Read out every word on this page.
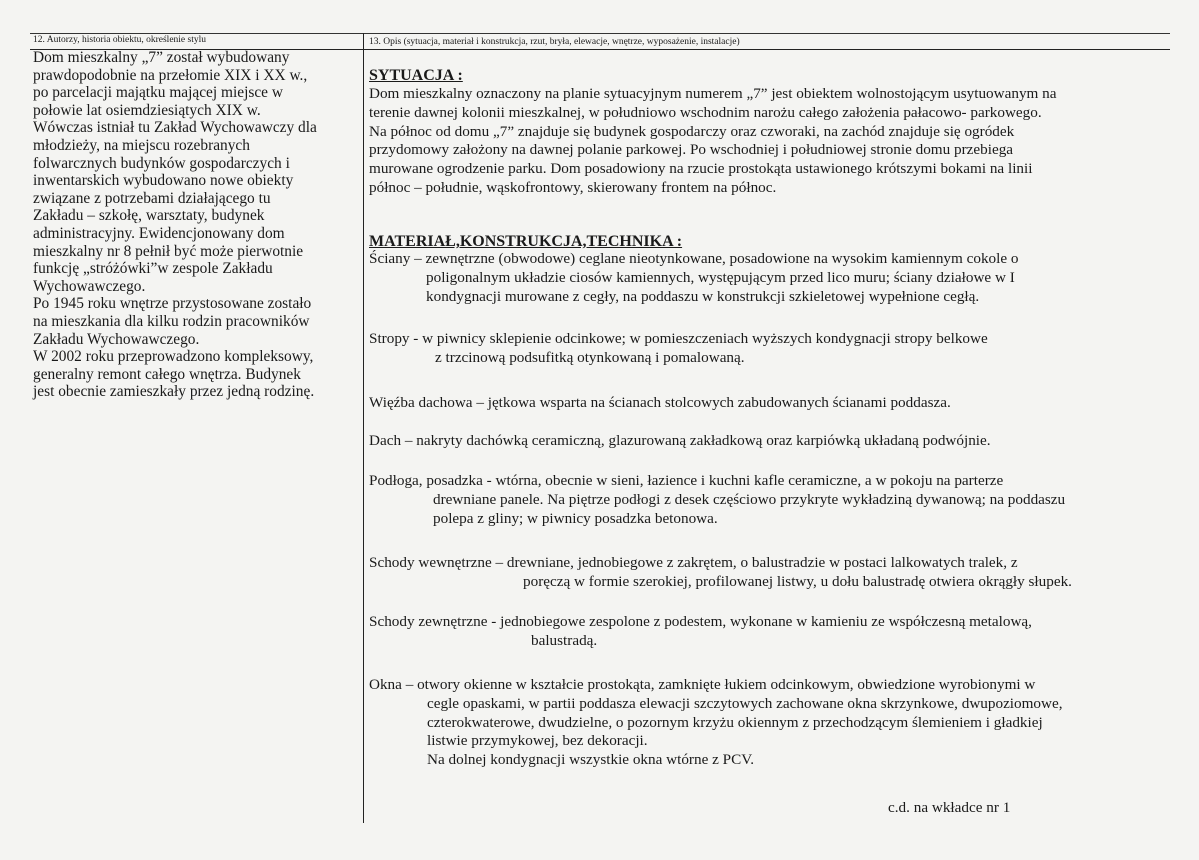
12. Autorzy, historia obiektu, określenie stylu	13. Opis (sytuacja, materiał i konstrukcja, rzut, bryła, elewacje, wnętrze, wyposażenie, instalacje)

Dom mieszkalny „7” został wybudowany
prawdopodobnie na przełomie XIX i XX w.,
po parcelacji majątku mającej miejsce w
połowie lat osiemdziesiątych XIX w.
Wówczas istniał tu Zakład Wychowawczy dla
młodzieży, na miejscu rozebranych
folwarcznych budynków gospodarczych i
inwentarskich wybudowano nowe obiekty
związane z potrzebami działającego tu
Zakładu – szkołę, warsztaty, budynek
administracyjny. Ewidencjonowany dom
mieszkalny nr 8 pełnił być może pierwotnie
funkcję „stróżówki”w zespole Zakładu
Wychowawczego.

Po 1945 roku wnętrze przystosowane zostało
na mieszkania dla kilku rodzin pracowników
Zakładu Wychowawczego.

W 2002 roku przeprowadzono kompleksowy,
generalny remont całego wnętrza. Budynek
jest obecnie zamieszkały przez jedną rodzinę.

SYTUACJA :

Dom mieszkalny oznaczony na planie sytuacyjnym numerem „7” jest obiektem wolnostojącym usytuowanym na
terenie dawnej kolonii mieszkalnej, w południowo wschodnim narożu całego założenia pałacowo- parkowego.
Na północ od domu „7” znajduje się budynek gospodarczy oraz czworaki, na zachód znajduje się ogródek
przydomowy założony na dawnej polanie parkowej. Po wschodniej i południowej stronie domu przebiega
murowane ogrodzenie parku. Dom posadowiony na rzucie prostokąta ustawionego krótszymi bokami na linii
północ – południe, wąskofrontowy, skierowany frontem na północ.

MATERIAŁ,KONSTRUKCJA,TECHNIKA :

Ściany – zewnętrzne (obwodowe) ceglane nieotynkowane, posadowione na wysokim kamiennym cokole o
poligonalnym układzie ciosów kamiennych, występującym przed lico muru; ściany działowe w I
kondygnacji murowane z cegły, na poddaszu w konstrukcji szkieletowej wypełnione cegłą.
Stropy - w piwnicy sklepienie odcinkowe; w pomieszczeniach wyższych kondygnacji stropy belkowe
z trzcinową podsufitką otynkowaną i pomalowaną.
Więźba dachowa – jętkowa wsparta na ścianach stolcowych zabudowanych ścianami poddasza.
Dach – nakryty dachówką ceramiczną, glazurowaną zakładkową oraz karpiówką układaną podwójnie.
Podłoga, posadzka - wtórna, obecnie w sieni, łazience i kuchni kafle ceramiczne, a w pokoju na parterze
drewniane panele. Na piętrze podłogi z desek częściowo przykryte wykładziną dywanową; na poddaszu
polepa z gliny; w piwnicy posadzka betonowa.
Schody wewnętrzne – drewniane, jednobiegowe z zakrętem, o balustradzie w postaci lalkowatych tralek, z
poręczą w formie szerokiej, profilowanej listwy, u dołu balustradę otwiera okrągły słupek.
Schody zewnętrzne - jednobiegowe zespolone z podestem, wykonane w kamieniu ze współczesną metalową,
balustradą.
Okna – otwory okienne w kształcie prostokąta, zamknięte łukiem odcinkowym, obwiedzione wyrobionymi w
cegle opaskami, w partii poddasza elewacji szczytowych zachowane okna skrzynkowe, dwupoziomowe,
czterokwaterowe, dwudzielne, o pozornym krzyżu okiennym z przechodzącym ślemieniem i gładkiej
listwie przymykowej, bez dekoracji.
Na dolnej kondygnacji wszystkie okna wtórne z PCV.
c.d. na wkładce nr 1
